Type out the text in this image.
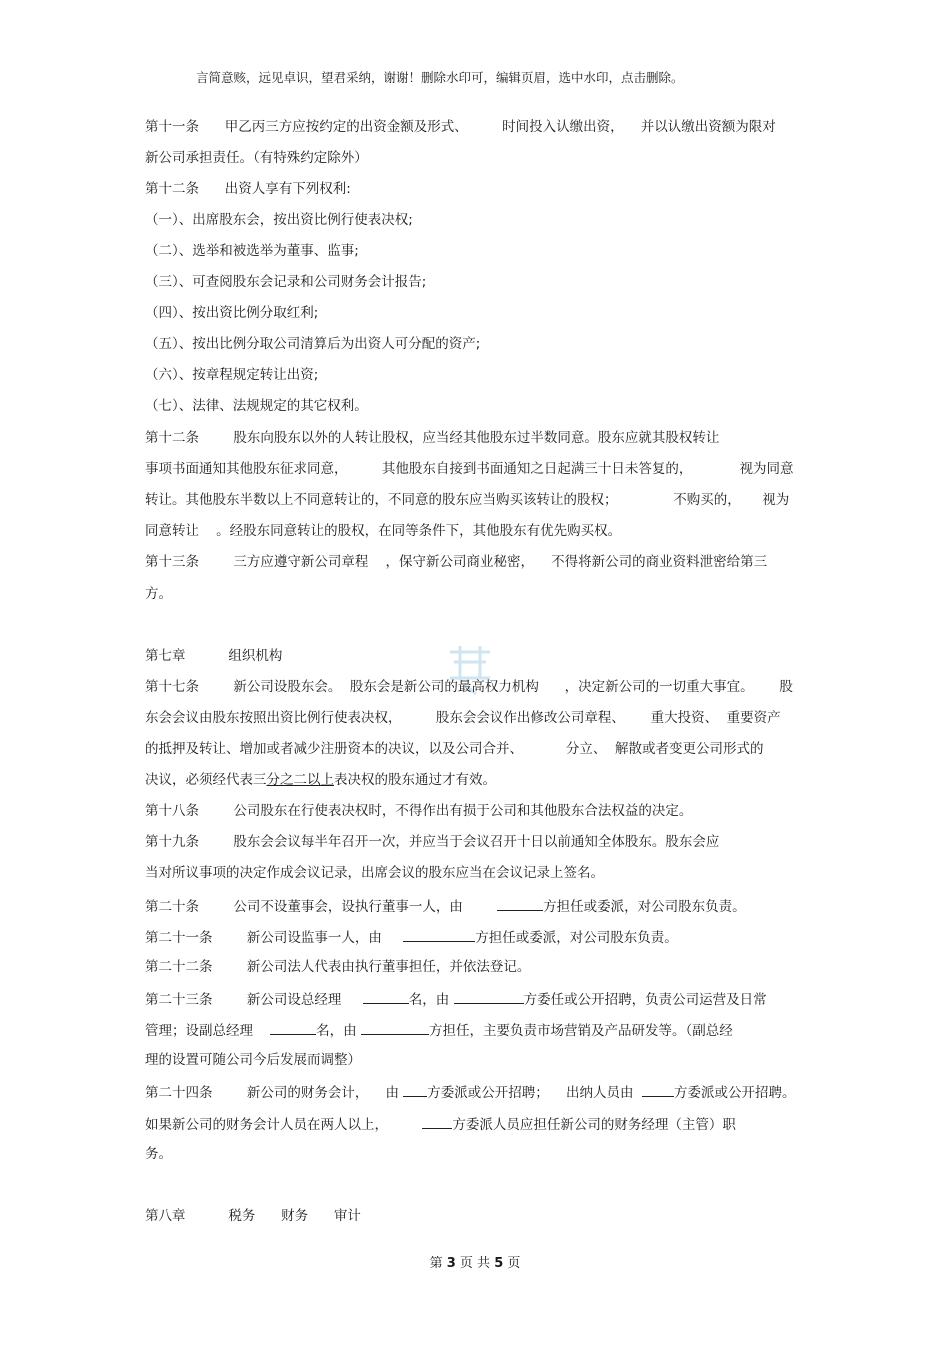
言简意赅，远见卓识，望君采纳，谢谢！删除水印可，编辑页眉，选中水印，点击删除。
第十一条      甲乙丙三方应按约定的出资金额及形式、        时间投入认缴出资，    并以认缴出资额为限对
新公司承担责任。（有特殊约定除外）
第十二条      出资人享有下列权利:
（一）、出席股东会，按出资比例行使表决权;
（二）、选举和被选举为董事、监事;
（三）、可查阅股东会记录和公司财务会计报告;
（四）、按出资比例分取红利;
（五）、按出比例分取公司清算后为出资人可分配的资产;
（六）、按章程规定转让出资;
（七）、法律、法规规定的其它权利。
第十二条        股东向股东以外的人转让股权，应当经其他股东过半数同意。股东应就其股权转让
事项书面通知其他股东征求同意，        其他股东自接到书面通知之日起满三十日未答复的，           视为同意
转让。其他股东半数以上不同意转让的，不同意的股东应当购买该转让的股权；             不购买的，     视为
同意转让    。经股东同意转让的股权，在同等条件下，其他股东有优先购买权。
第十三条        三方应遵守新公司章程    ，保守新公司商业秘密，    不得将新公司的商业资料泄密给第三
方。
第七章          组织机构
第十七条        新公司设股东会。  股东会是新公司的最高权力机构      ，决定新公司的一切重大事宜。      股
东会会议由股东按照出资比例行使表决权，        股东会会议作出修改公司章程、      重大投资、  重要资产
的抵押及转让、增加或者减少注册资本的决议，以及公司合并、          分立、  解散或者变更公司形式的
决议，必须经代表三分之二以上表决权的股东通过才有效。
第十八条        公司股东在行使表决权时，不得作出有损于公司和其他股东合法权益的决定。
第十九条        股东会会议每半年召开一次，并应当于会议召开十日以前通知全体股东。股东会应
当对所议事项的决定作成会议记录，出席会议的股东应当在会议记录上签名。
第二十条        公司不设董事会，设执行董事一人，由	方担任或委派，对公司股东负责。
第二十一条        新公司设监事一人，由	方担任或委派，对公司股东负责。
第二十二条        新公司法人代表由执行董事担任，并依法登记。
第二十三条        新公司设总经理	名，由	方委任或公开招聘，负责公司运营及日常
管理；设副总经理	名，由	方担任，主要负责市场营销及产品研发等。（副总经
理的设置可随公司今后发展而调整）
第二十四条        新公司的财务会计，    由 方委派或公开招聘；    出纳人员由  方委派或公开招聘。
如果新公司的财务会计人员在两人以上，        方委派人员应担任新公司的财务经理（主管）职
务。
第八章          税务      财务      审计
第 3 页 共 5 页
